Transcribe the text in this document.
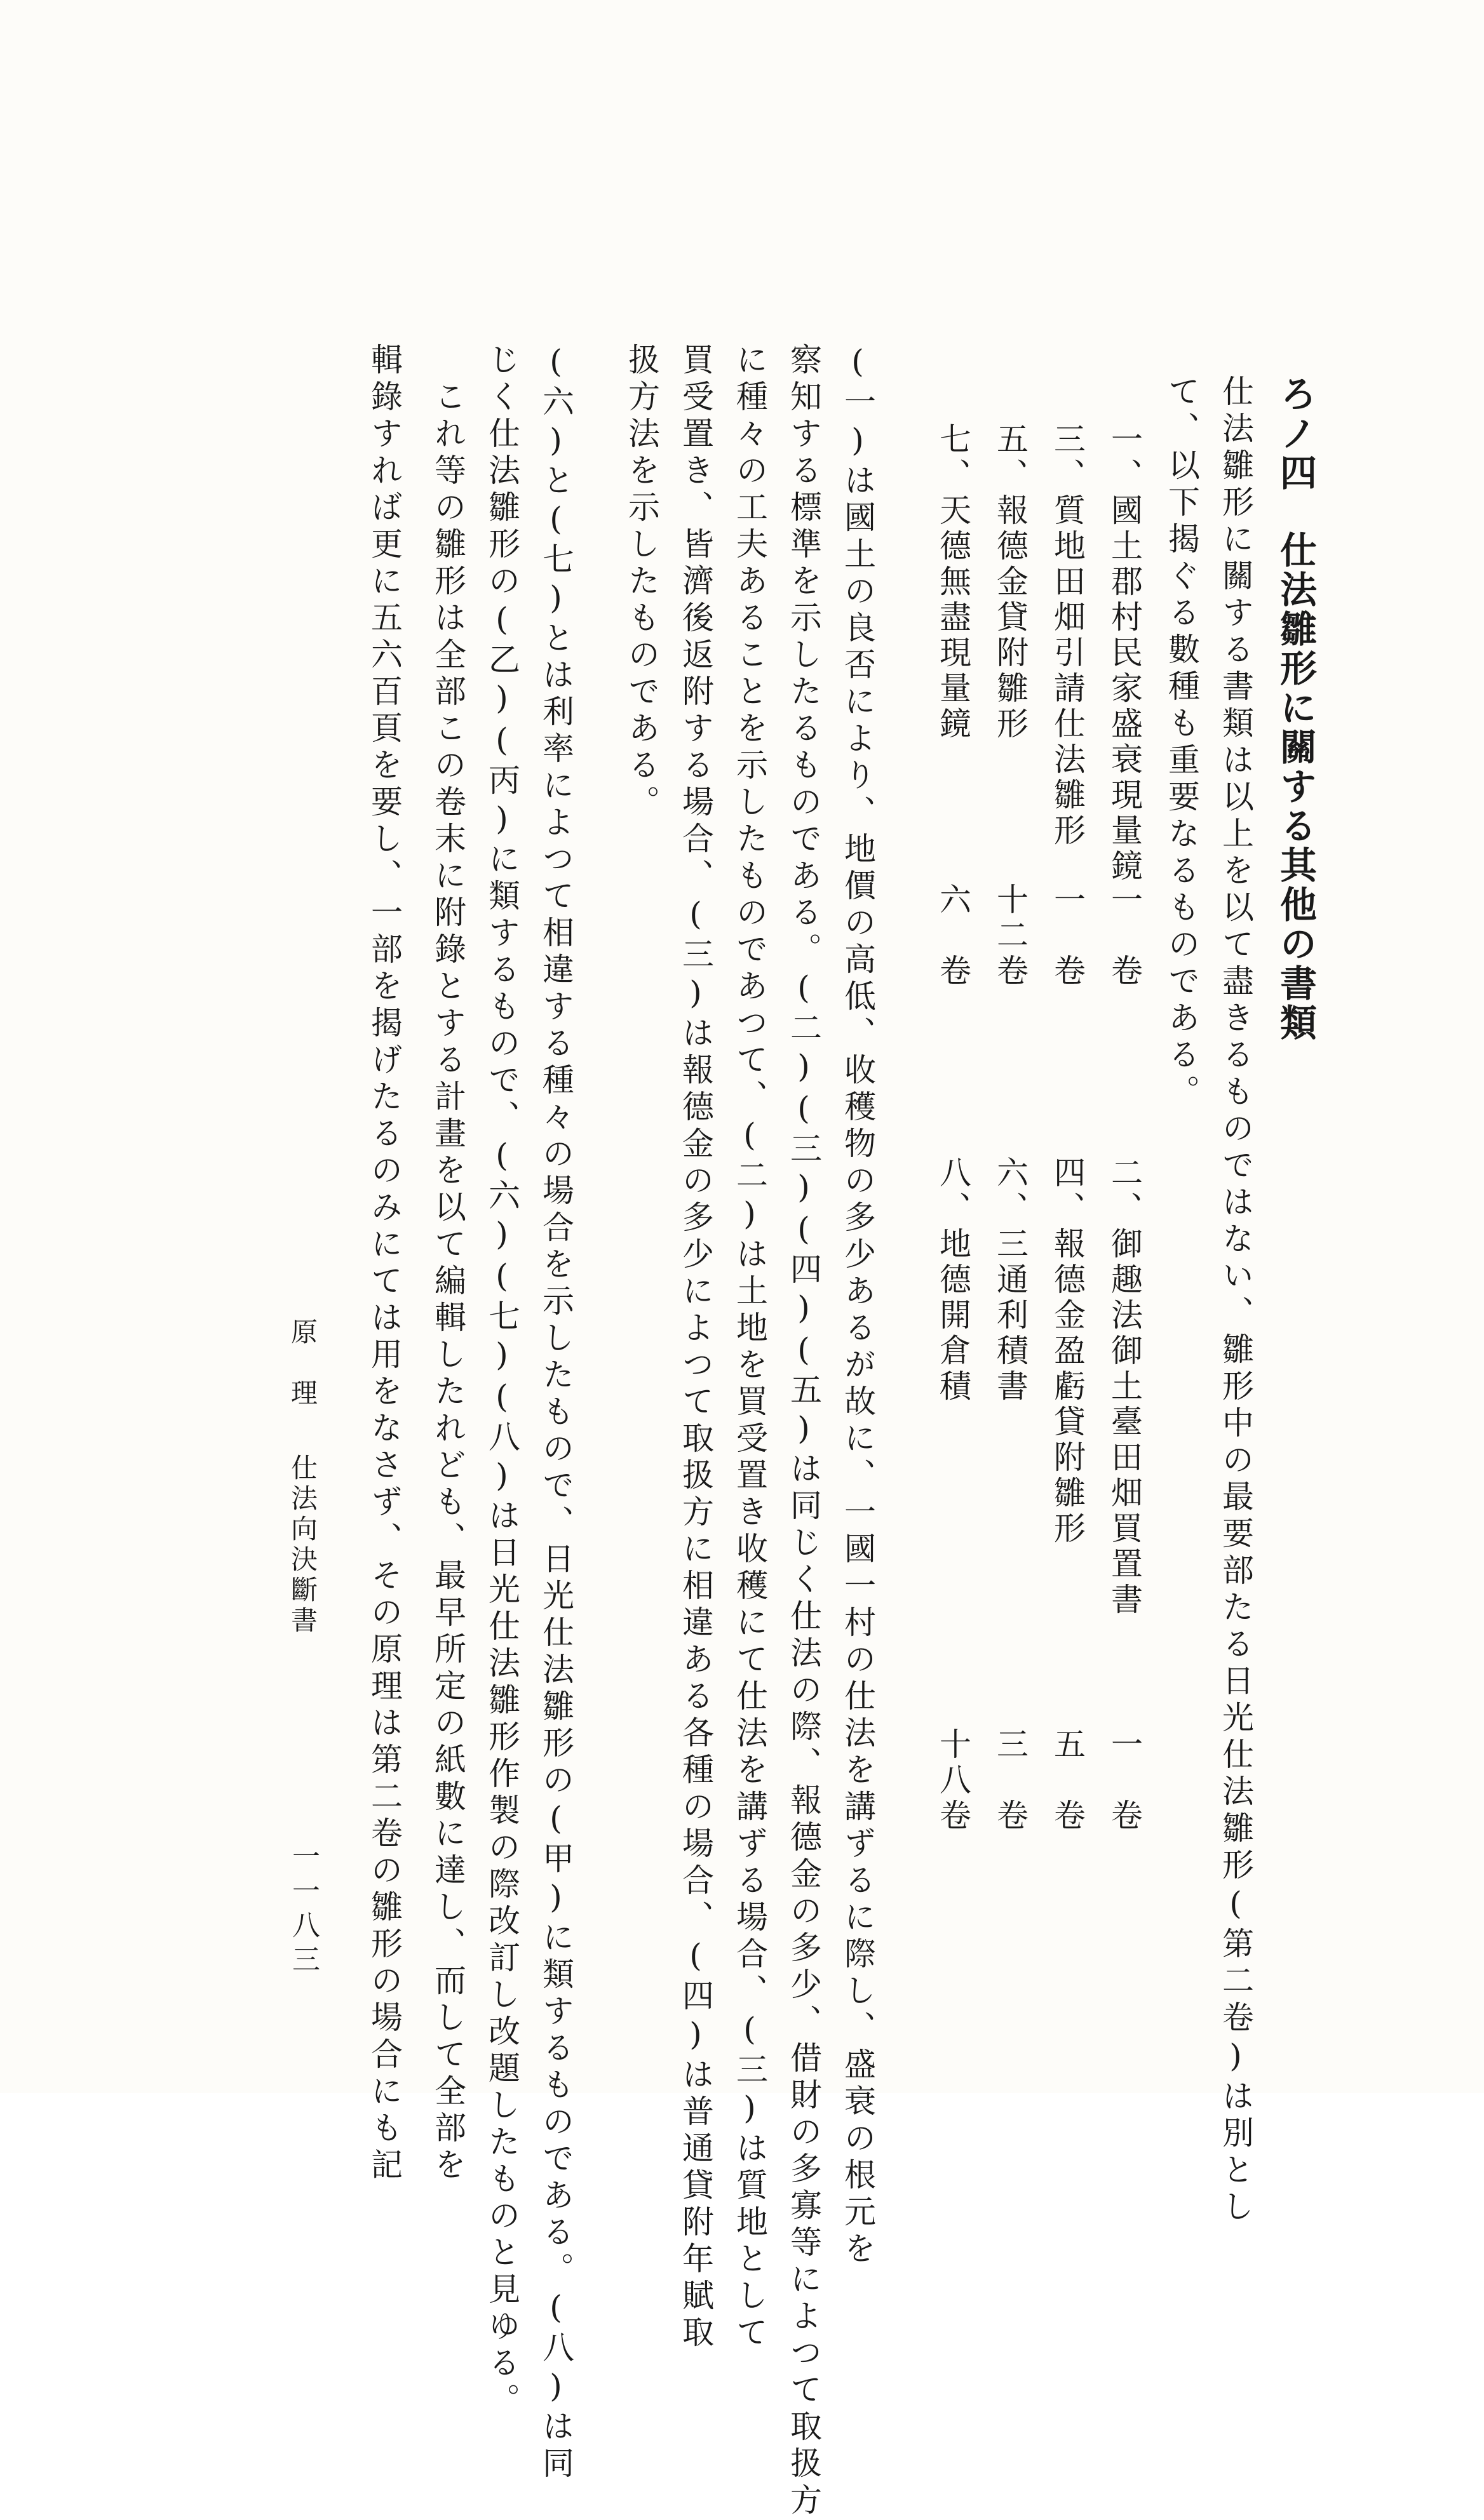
ろノ四仕法雛形に關する其他の書類
仕法雛形に關する書類は以上を以て盡きるものではない、雛形中の最要部たる日光仕法雛形(第二卷)は別とし
て、以下揭ぐる數種も重要なるものである。
一、國土郡村民家盛衰現量鏡
一　卷
二、御趣法御土臺田畑買置書
一　卷
三、質地田畑引請仕法雛形
一　卷
四、報德金盈虧貸附雛形
五　卷
五、報德金貸附雛形
十二卷
六、三通利積書
三　卷
七、天德無盡現量鏡
六　卷
八、地德開倉積
十八卷
(一)は國土の良否により、地價の高低、收穫物の多少あるが故に、一國一村の仕法を講ずるに際し、盛衰の根元を
察知する標準を示したるものである。(二)(三)(四)(五)は同じく仕法の際、報德金の多少、借財の多寡等によつて取扱方
に種々の工夫あることを示したものであつて、(二)は土地を買受置き收穫にて仕法を講ずる場合、(三)は質地として
買受置き、皆濟後返附する場合、(三)は報德金の多少によつて取扱方に相違ある各種の場合、(四)は普通貸附年賦取
扱方法を示したものである。
(六)と(七)とは利率によつて相違する種々の場合を示したもので、日光仕法雛形の(甲)に類するものである。(八)は同
じく仕法雛形の(乙)(丙)に類するもので、(六)(七)(八)は日光仕法雛形作製の際改訂し改題したものと見ゆる。
　これ等の雛形は全部この卷末に附錄とする計畫を以て編輯したれども、最早所定の紙數に達し、而して全部を
輯錄すれば更に五六百頁を要し、一部を揭げたるのみにては用をなさず、その原理は第二卷の雛形の場合にも記
原　理仕法向決斷書
一一八三
